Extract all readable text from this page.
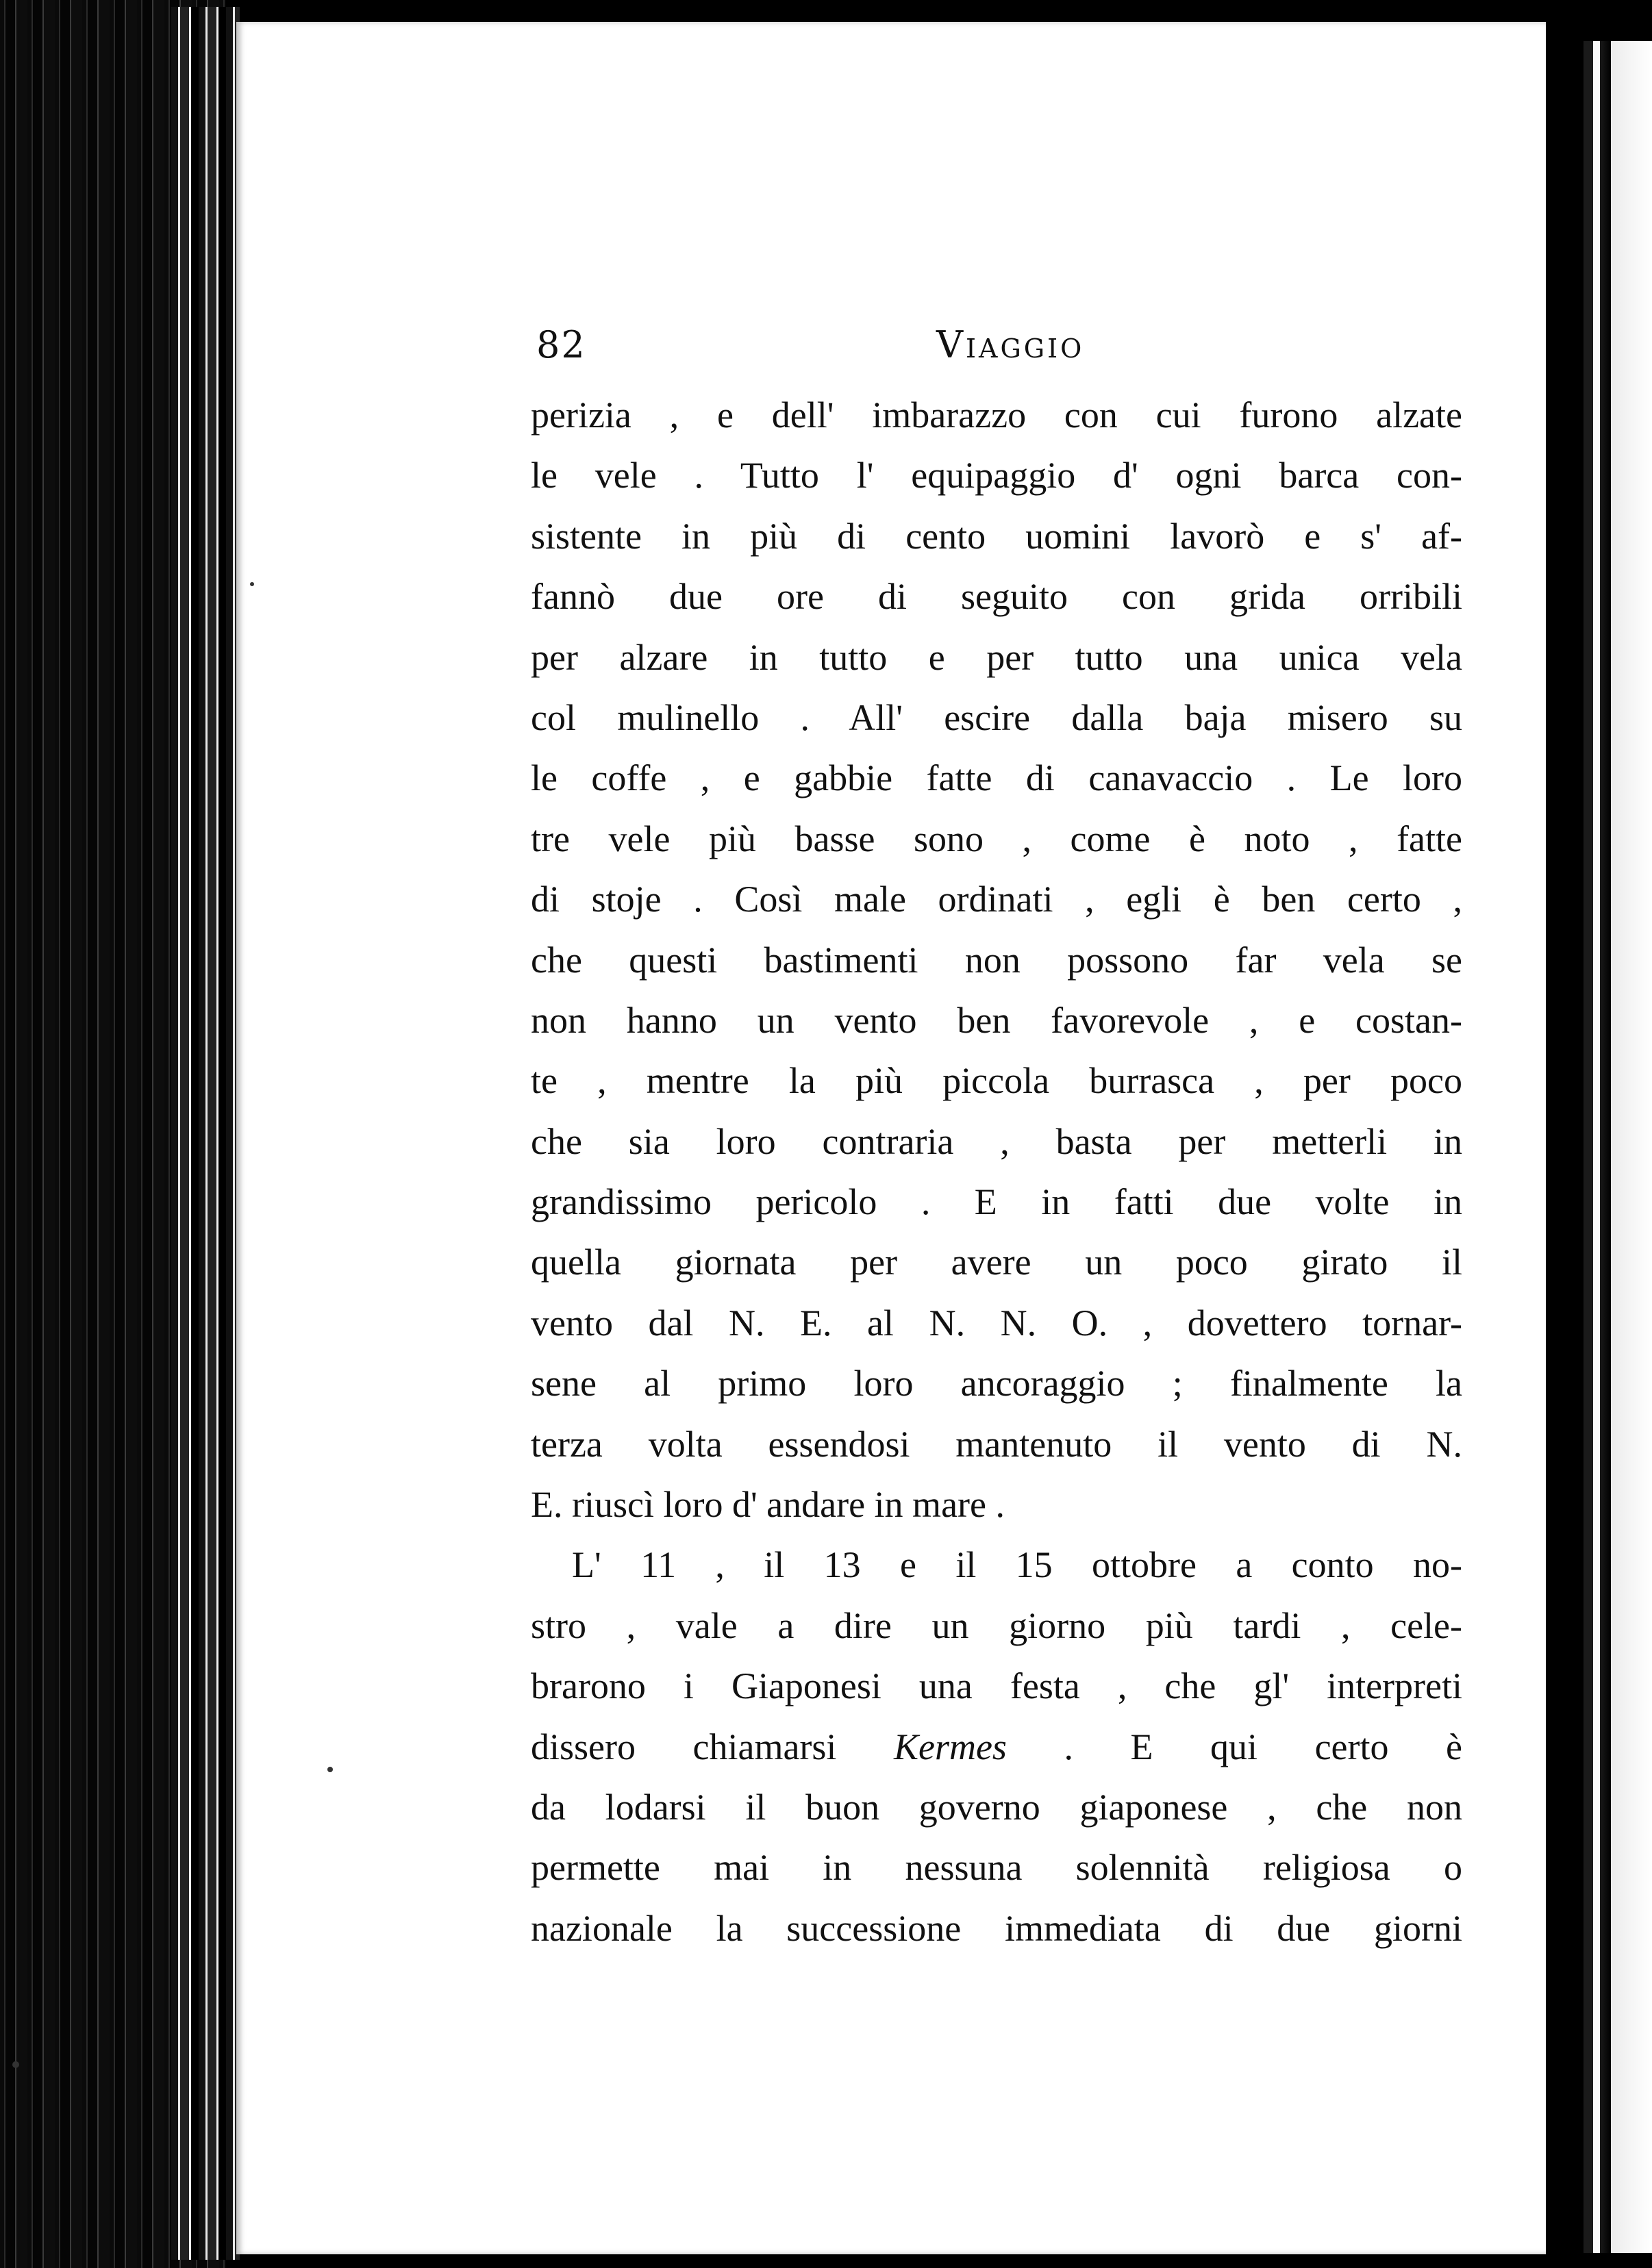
82	Viaggio
perizia , e dell' imbarazzo con cui furono alzate
le vele . Tutto l' equipaggio d' ogni barca con-
sistente in più di cento uomini lavorò e s' af-
fannò due ore di seguito con grida orribili
per alzare in tutto e per tutto una unica vela
col mulinello . All' escire dalla baja misero su
le coffe , e gabbie fatte di canavaccio . Le loro
tre vele più basse sono , come è noto , fatte
di stoje . Così male ordinati , egli è ben certo ,
che questi bastimenti non possono far vela se
non hanno un vento ben favorevole , e costan-
te , mentre la più piccola burrasca , per poco
che sia loro contraria , basta per metterli in
grandissimo pericolo . E in fatti due volte in
quella giornata per avere un poco girato il
vento dal N. E. al N. N. O. , dovettero tornar-
sene al primo loro ancoraggio ; finalmente la
terza volta essendosi mantenuto il vento di N.
E. riuscì loro d' andare in mare .
L' 11 , il 13 e il 15 ottobre a conto no-
stro , vale a dire un giorno più tardi , cele-
brarono i Giaponesi una festa , che gl' interpreti
dissero chiamarsi Kermes . E qui certo è
da lodarsi il buon governo giaponese , che non
permette mai in nessuna solennità religiosa o
nazionale la successione immediata di due giorni
